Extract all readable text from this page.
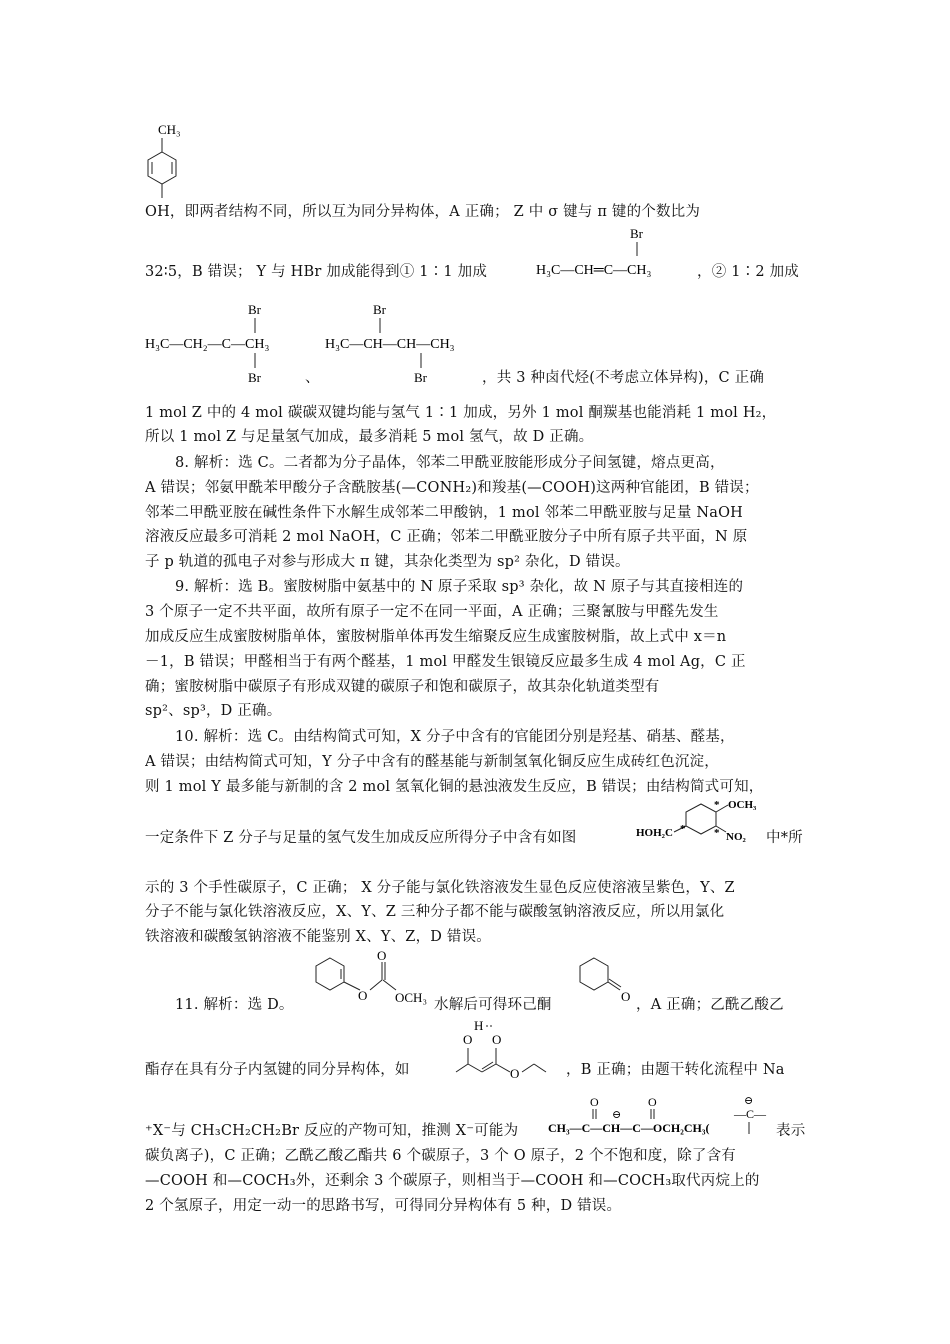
CH₃
OH，即两者结构不同，所以互为同分异构体，A 正确； Z 中 σ 键与 π 键的个数比为
32∶5，B 错误； Y 与 HBr 加成能得到① 1∶1 加成
Br
H₃C—CH═C—CH₃	，② 1∶2 加成
Br
H₃C—CH₂—C—CH₃
Br	、
Br
H₃C—CH—CH—CH₃
Br	，共 3 种卤代烃(不考虑立体异构)，C 正确
1 mol Z 中的 4 mol 碳碳双键均能与氢气 1∶1 加成，另外 1 mol 酮羰基也能消耗 1 mol H₂，
所以 1 mol Z 与足量氢气加成，最多消耗 5 mol 氢气，故 D 正确。
8. 解析：选 C。二者都为分子晶体，邻苯二甲酰亚胺能形成分子间氢键，熔点更高，
A 错误；邻氨甲酰苯甲酸分子含酰胺基(—CONH₂)和羧基(—COOH)这两种官能团，B 错误；
邻苯二甲酰亚胺在碱性条件下水解生成邻苯二甲酸钠，1 mol 邻苯二甲酰亚胺与足量 NaOH
溶液反应最多可消耗 2 mol NaOH，C 正确；邻苯二甲酰亚胺分子中所有原子共平面，N 原
子 p 轨道的孤电子对参与形成大 π 键，其杂化类型为 sp² 杂化，D 错误。
9. 解析：选 B。蜜胺树脂中氨基中的 N 原子采取 sp³ 杂化，故 N 原子与其直接相连的
3 个原子一定不共平面，故所有原子一定不在同一平面，A 正确；三聚氰胺与甲醛先发生
加成反应生成蜜胺树脂单体，蜜胺树脂单体再发生缩聚反应生成蜜胺树脂，故上式中 x＝n
－1，B 错误；甲醛相当于有两个醛基，1 mol 甲醛发生银镜反应最多生成 4 mol Ag，C 正
确；蜜胺树脂中碳原子有形成双键的碳原子和饱和碳原子，故其杂化轨道类型有
sp²、sp³，D 正确。
10. 解析：选 C。由结构简式可知，X 分子中含有的官能团分别是羟基、硝基、醛基，
A 错误；由结构简式可知，Y 分子中含有的醛基能与新制氢氧化铜反应生成砖红色沉淀，
则 1 mol Y 最多能与新制的含 2 mol 氢氧化铜的悬浊液发生反应，B 错误；由结构简式可知，
一定条件下 Z 分子与足量的氢气发生加成反应所得分子中含有如图
OCH₃
NO₂
HOH₂C
*
*
*
中*所
示的 3 个手性碳原子，C 正确； X 分子能与氯化铁溶液发生显色反应使溶液呈紫色，Y、Z
分子不能与氯化铁溶液反应，X、Y、Z 三种分子都不能与碳酸氢钠溶液反应，所以用氯化
铁溶液和碳酸氢钠溶液不能鉴别 X、Y、Z，D 错误。
11. 解析：选 D。
O
O
OCH₃ 水解后可得环己酮
O
，A 正确；乙酰乙酸乙
酯存在具有分子内氢键的同分异构体，如
H
O O
O	，B 正确；由题干转化流程中 Na
⁺X⁻与 CH₃CH₂CH₂Br 反应的产物可知，推测 X⁻可能为
O	O
⊖
CH₃—C—CH—C—OCH₂CH₃(
—C—
⊖
表示
碳负离子)，C 正确；乙酰乙酸乙酯共 6 个碳原子，3 个 O 原子，2 个不饱和度，除了含有
—COOH 和—COCH₃外，还剩余 3 个碳原子，则相当于—COOH 和—COCH₃取代丙烷上的
2 个氢原子，用定一动一的思路书写，可得同分异构体有 5 种，D 错误。
